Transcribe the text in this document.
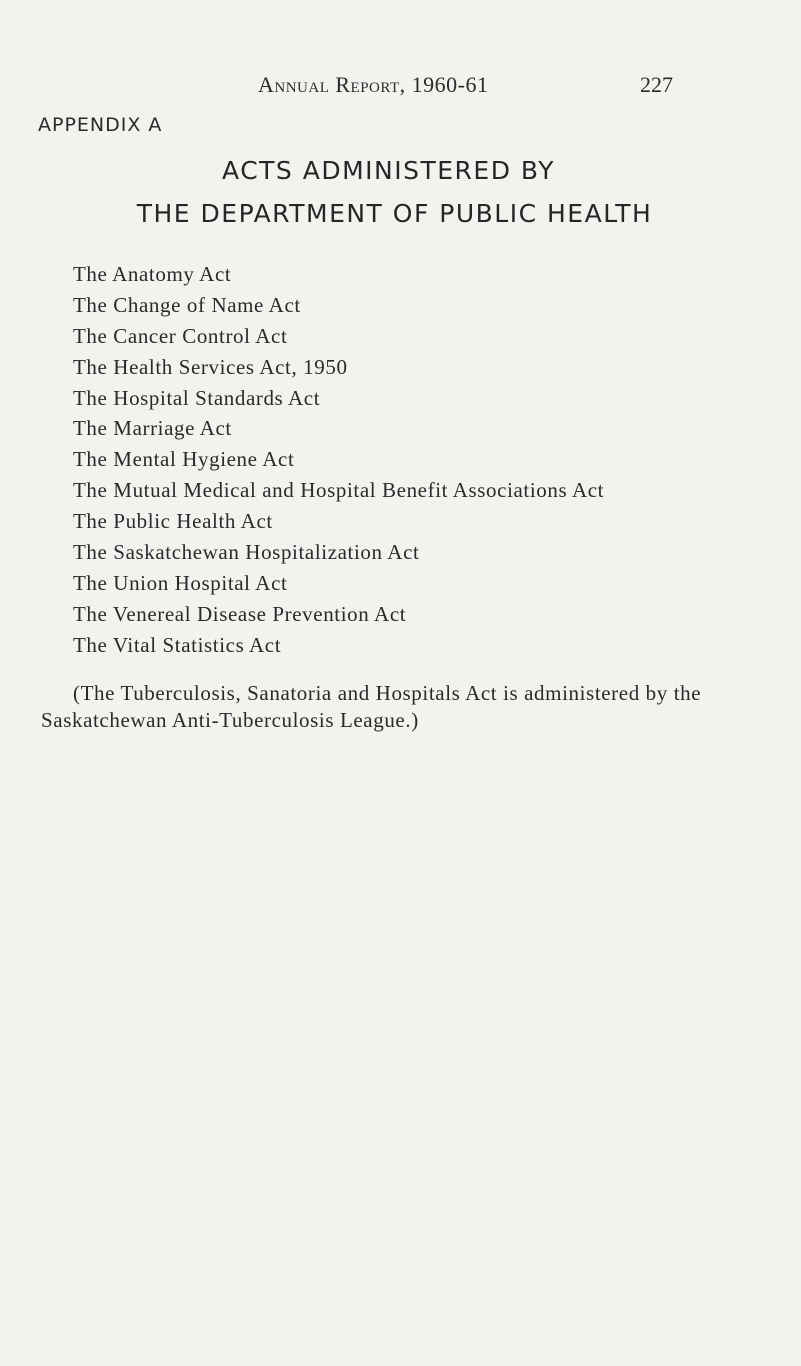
Annual Report, 1960-61	227
APPENDIX A
ACTS ADMINISTERED BY
THE DEPARTMENT OF PUBLIC HEALTH
The Anatomy Act
The Change of Name Act
The Cancer Control Act
The Health Services Act, 1950
The Hospital Standards Act
The Marriage Act
The Mental Hygiene Act
The Mutual Medical and Hospital Benefit Associations Act
The Public Health Act
The Saskatchewan Hospitalization Act
The Union Hospital Act
The Venereal Disease Prevention Act
The Vital Statistics Act

(The Tuberculosis, Sanatoria and Hospitals Act is administered by the Saskatchewan Anti-Tuberculosis League.)
